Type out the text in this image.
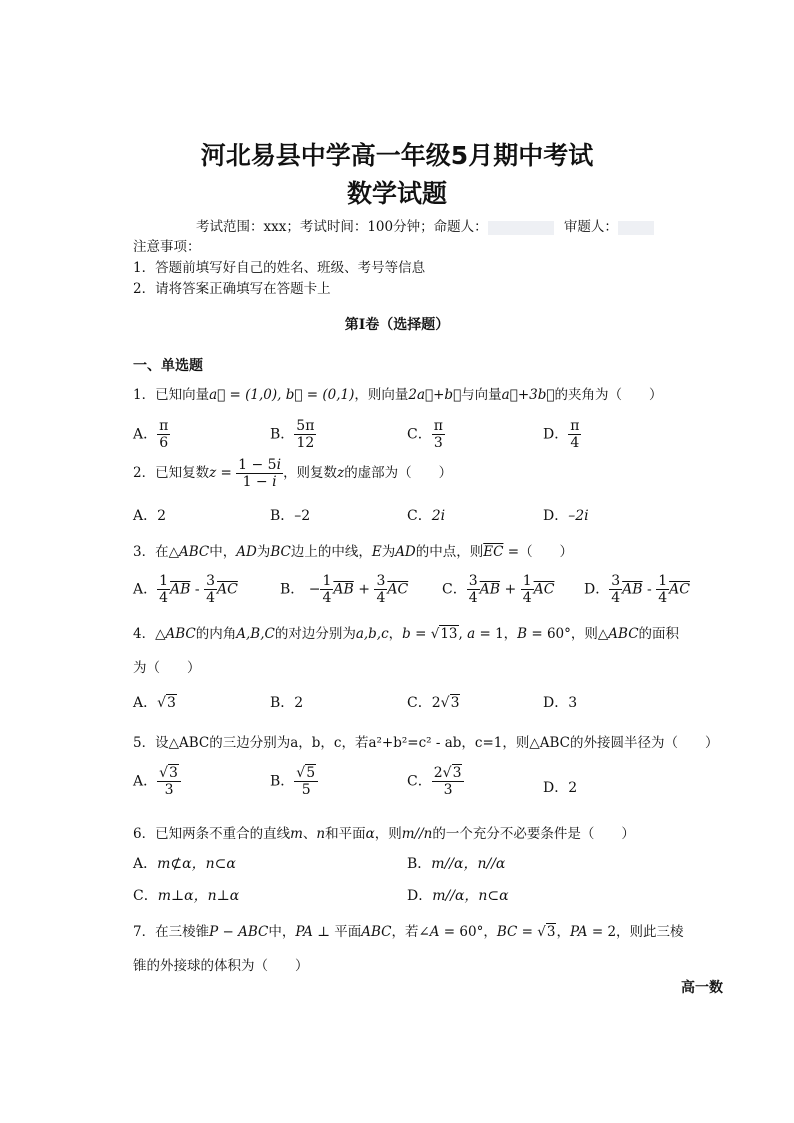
河北易县中学高一年级5月期中考试
数学试题
考试范围：xxx；考试时间：100分钟；命题人：	审题人：
注意事项：
1．答题前填写好自己的姓名、班级、考号等信息
2．请将答案正确填写在答题卡上
第I卷（选择题）
一、单选题
1．已知向量a⃗ = (1,0), b⃗ = (0,1)，则向量2a⃗+b⃗与向量a⃗+3b⃗的夹角为（　　）
A． $\frac{\pi}{6}$	B． $\frac{5\pi}{12}$	C． $\frac{\pi}{3}$	D． $\frac{\pi}{4}$
2．已知复数$z = \frac{1 - 5i}{1 - i}$ ，则复数z的虚部为（　　）
A．2	B．–2	C．2i	D．–2i
3．在△ABC中，AD为BC边上的中线，E为AD的中点，则$\overline{EC}$ =（　　）
A． $\frac{1}{4} \overline{AB} - \frac{3}{4} \overline{AC}$	B． − $\frac{1}{4} \overline{AB} + \frac{3}{4} \overline{AC}$ C． $\frac{3}{4} \overline{AB} + \frac{1}{4} \overline{AC}$ D． $\frac{3}{4} \overline{AB} - \frac{1}{4} \overline{AC}$
4．△ABC的内角A,B,C的对边分别为a,b,c，b = √13, a = 1，B = 60°，则△ABC的面积
为（　　）
A．√3	B．2	C．2√3	D．3
5．设△ABC的三边分别为a，b，c，若a²+b²=c² - ab，c=1，则△ABC的外接圆半径为（　　）
A． $\frac{√3}{3}$	B． $\frac{√5}{5}$	C． $\frac{2√3}{3}$	D．2
6．已知两条不重合的直线m、n和平面α，则m//n的一个充分不必要条件是（　　）
A．m⊄α，n⊂α	B．m//α，n//α
C．m⊥α，n⊥α	D．m//α，n⊂α
7．在三棱锥P − ABC中，PA ⊥ 平面ABC，若∠A = 60°，BC = √3，PA = 2，则此三棱
锥的外接球的体积为（　　）
高一数
